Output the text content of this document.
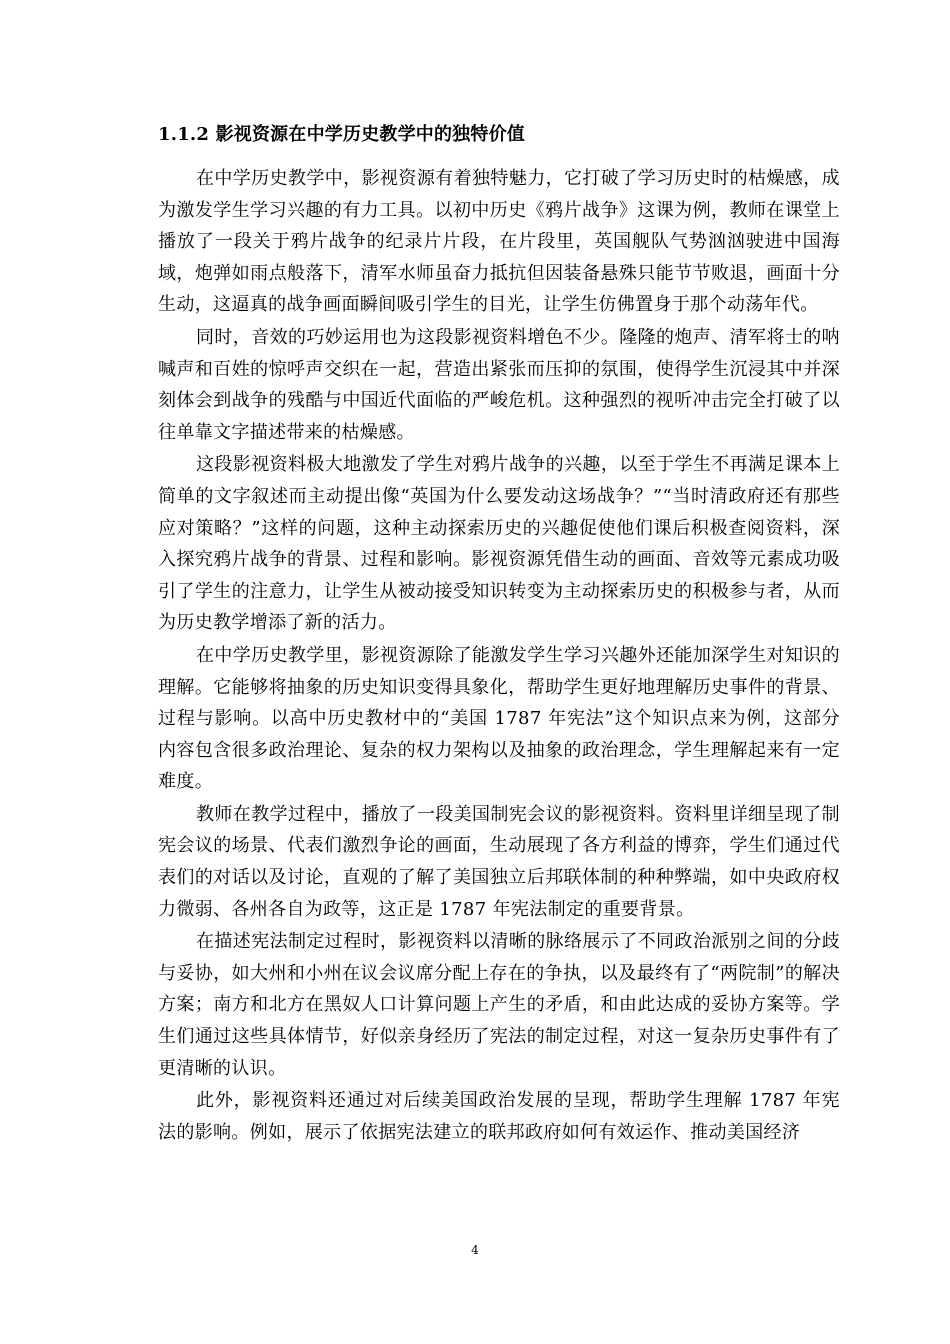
1.1.2 影视资源在中学历史教学中的独特价值

在中学历史教学中，影视资源有着独特魅力，它打破了学习历史时的枯燥感，成为激发学生学习兴趣的有力工具。以初中历史《鸦片战争》这课为例，教师在课堂上播放了一段关于鸦片战争的纪录片片段，在片段里，英国舰队气势汹汹驶进中国海域，炮弹如雨点般落下，清军水师虽奋力抵抗但因装备悬殊只能节节败退，画面十分生动，这逼真的战争画面瞬间吸引学生的目光，让学生仿佛置身于那个动荡年代。

同时，音效的巧妙运用也为这段影视资料增色不少。隆隆的炮声、清军将士的呐喊声和百姓的惊呼声交织在一起，营造出紧张而压抑的氛围，使得学生沉浸其中并深刻体会到战争的残酷与中国近代面临的严峻危机。这种强烈的视听冲击完全打破了以往单靠文字描述带来的枯燥感。

这段影视资料极大地激发了学生对鸦片战争的兴趣，以至于学生不再满足课本上简单的文字叙述而主动提出像“英国为什么要发动这场战争？”“当时清政府还有那些应对策略？”这样的问题，这种主动探索历史的兴趣促使他们课后积极查阅资料，深入探究鸦片战争的背景、过程和影响。影视资源凭借生动的画面、音效等元素成功吸引了学生的注意力，让学生从被动接受知识转变为主动探索历史的积极参与者，从而为历史教学增添了新的活力。

在中学历史教学里，影视资源除了能激发学生学习兴趣外还能加深学生对知识的理解。它能够将抽象的历史知识变得具象化，帮助学生更好地理解历史事件的背景、过程与影响。以高中历史教材中的“美国 1787 年宪法”这个知识点来为例，这部分内容包含很多政治理论、复杂的权力架构以及抽象的政治理念，学生理解起来有一定难度。

教师在教学过程中，播放了一段美国制宪会议的影视资料。资料里详细呈现了制宪会议的场景、代表们激烈争论的画面，生动展现了各方利益的博弈，学生们通过代表们的对话以及讨论，直观的了解了美国独立后邦联体制的种种弊端，如中央政府权力微弱、各州各自为政等，这正是 1787 年宪法制定的重要背景。

在描述宪法制定过程时，影视资料以清晰的脉络展示了不同政治派别之间的分歧与妥协，如大州和小州在议会议席分配上存在的争执，以及最终有了“两院制”的解决方案；南方和北方在黑奴人口计算问题上产生的矛盾，和由此达成的妥协方案等。学生们通过这些具体情节，好似亲身经历了宪法的制定过程，对这一复杂历史事件有了更清晰的认识。

此外，影视资料还通过对后续美国政治发展的呈现，帮助学生理解 1787 年宪法的影响。例如，展示了依据宪法建立的联邦政府如何有效运作、推动美国经济

4
